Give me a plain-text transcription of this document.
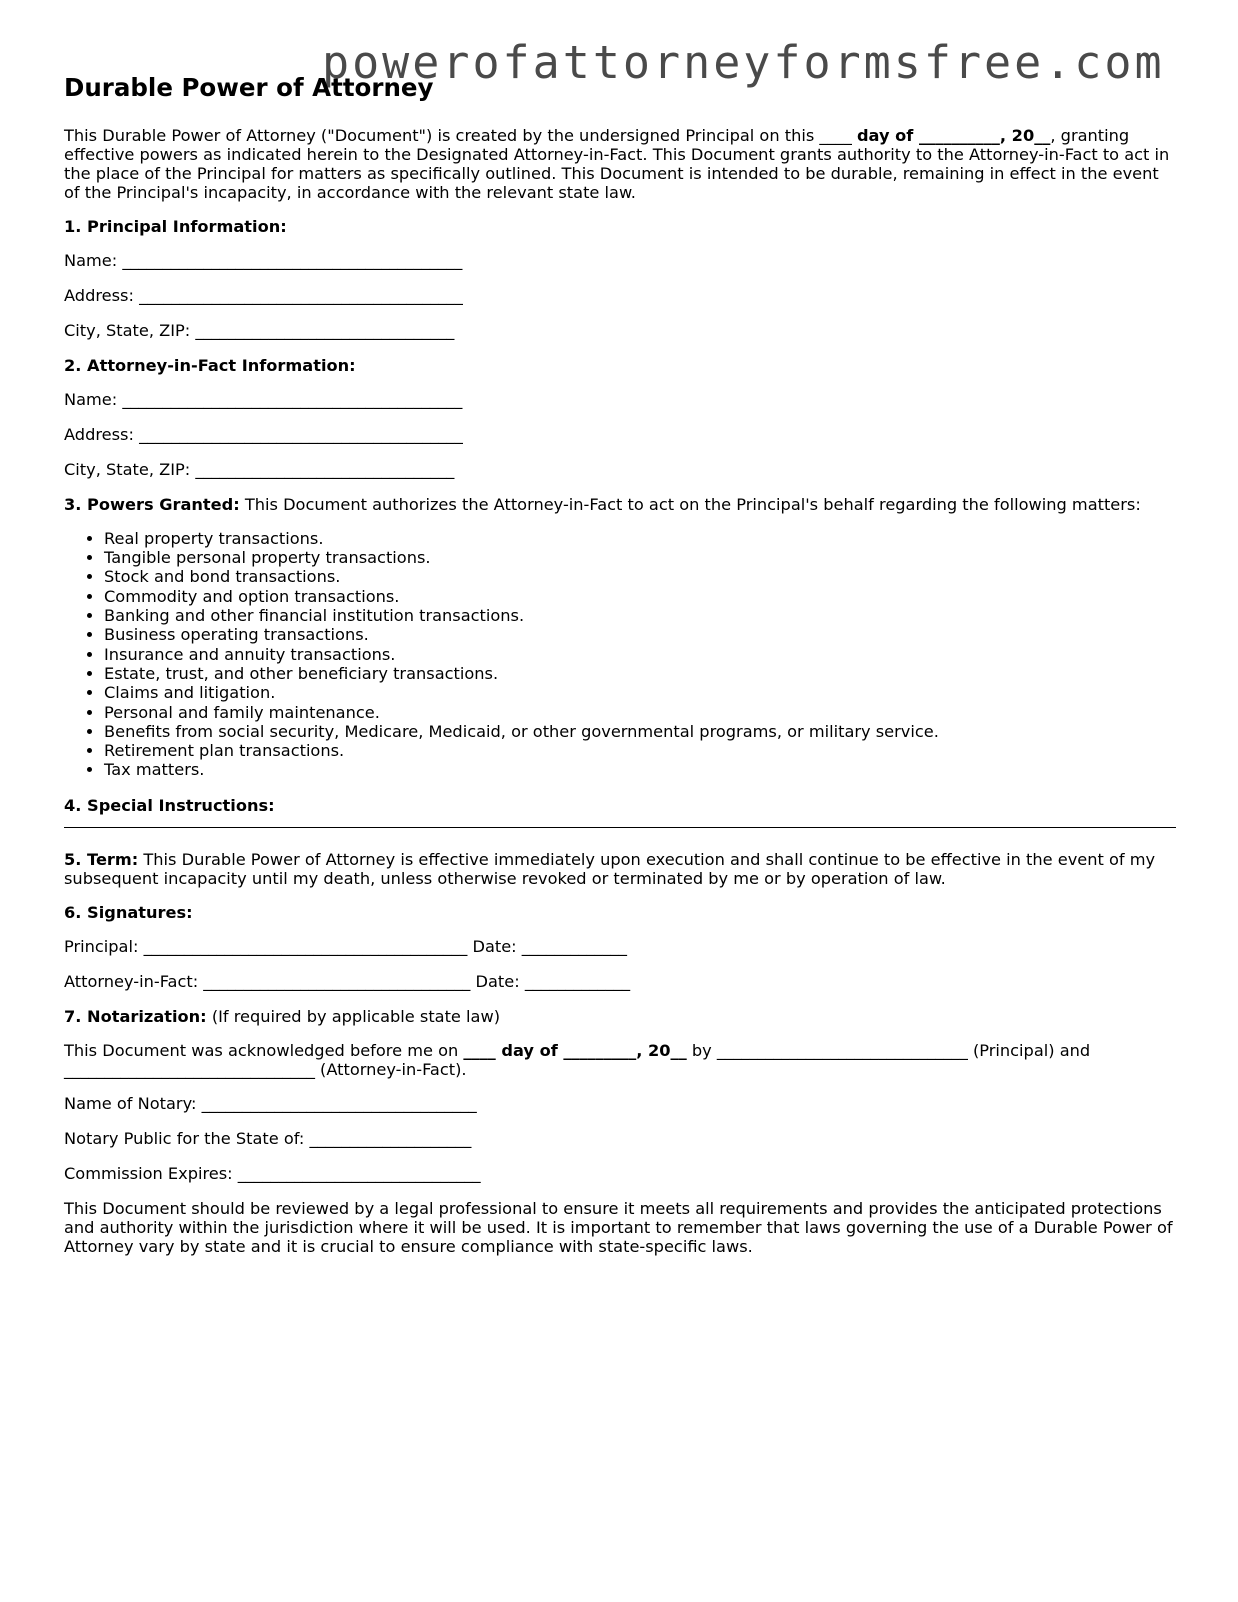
powerofattorneyformsfree.com
Durable Power of Attorney

This Durable Power of Attorney ("Document") is created by the undersigned Principal on this ____ day of __________, 20__, granting effective powers as indicated herein to the Designated Attorney-in-Fact. This Document grants authority to the Attorney-in-Fact to act in the place of the Principal for matters as specifically outlined. This Document is intended to be durable, remaining in effect in the event of the Principal's incapacity, in accordance with the relevant state law.

1. Principal Information:

Name: __________________________________________

Address: ________________________________________

City, State, ZIP: ________________________________

2. Attorney-in-Fact Information:

Name: __________________________________________

Address: ________________________________________

City, State, ZIP: ________________________________

3. Powers Granted: This Document authorizes the Attorney-in-Fact to act on the Principal's behalf regarding the following matters:

• Real property transactions.
• Tangible personal property transactions.
• Stock and bond transactions.
• Commodity and option transactions.
• Banking and other financial institution transactions.
• Business operating transactions.
• Insurance and annuity transactions.
• Estate, trust, and other beneficiary transactions.
• Claims and litigation.
• Personal and family maintenance.
• Benefits from social security, Medicare, Medicaid, or other governmental programs, or military service.
• Retirement plan transactions.
• Tax matters.

4. Special Instructions:

5. Term: This Durable Power of Attorney is effective immediately upon execution and shall continue to be effective in the event of my subsequent incapacity until my death, unless otherwise revoked or terminated by me or by operation of law.

6. Signatures:

Principal: ________________________________________ Date: _____________

Attorney-in-Fact: _________________________________ Date: _____________

7. Notarization: (If required by applicable state law)

This Document was acknowledged before me on ____ day of _________, 20__ by _______________________________ (Principal) and _______________________________ (Attorney-in-Fact).

Name of Notary: __________________________________

Notary Public for the State of: ____________________

Commission Expires: ______________________________

This Document should be reviewed by a legal professional to ensure it meets all requirements and provides the anticipated protections and authority within the jurisdiction where it will be used. It is important to remember that laws governing the use of a Durable Power of Attorney vary by state and it is crucial to ensure compliance with state-specific laws.
